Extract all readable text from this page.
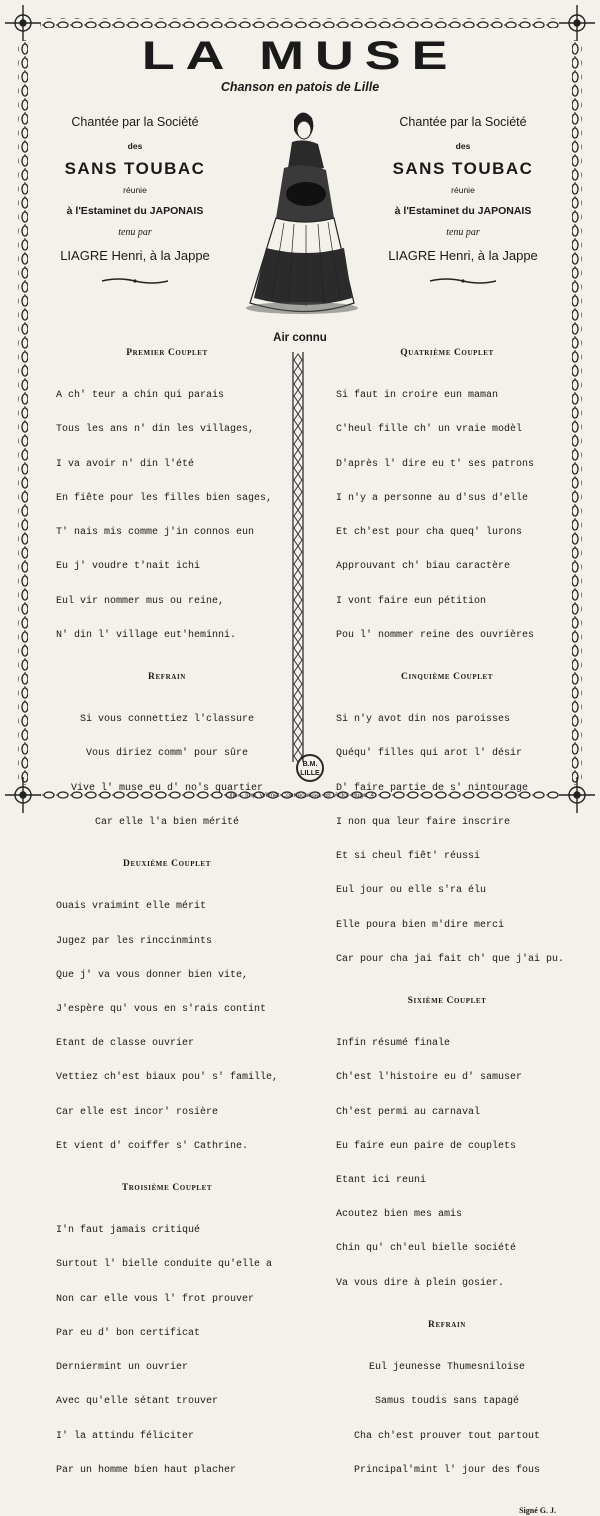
LA MUSE
Chanson en patois de Lille
Chantée par la Société
des
SANS TOUBAC
réunie
à l'Estaminet du JAPONAIS
tenu par
LIAGRE Henri, à la Jappe
Chantée par la Société
des
SANS TOUBAC
réunie
à l'Estaminet du JAPONAIS
tenu par
LIAGRE Henri, à la Jappe
Air connu
Premier Couplet

A ch' teur a chin qui parais

Tous les ans n' din les villages,

I va avoir n' din l'été

En fiête pour les filles bien sages,

T' nais mis comme j'in connos eun

Eu j' voudre t'nait ichi

Eul vir nommer mus ou reine,

N' din l' village eut'heminni.

Refrain

Si vous connettiez l'classure

Vous diriez comm' pour sûre

Vive l' muse eu d' no's quartier

Car elle l'a bien mérité

Deuxième Couplet

Ouais vraimint elle mérit

Jugez par les rinccinmints

Que j' va vous donner bien vite,

J'espère qu' vous en s'rais contint

Etant de classe ouvrier

Vettiez ch'est biaux pou' s' famille,

Car elle est incor' rosière

Et vient d' coiffer s' Cathrine.

Troisième Couplet

I'n faut jamais critiqué

Surtout l' bielle conduite qu'elle a

Non car elle vous l' frot prouver

Par eu d' bon certificat

Derniermint un ouvrier

Avec qu'elle sétant trouver

I' la attindu féliciter

Par un homme bien haut placher

Quatrième Couplet

Si faut in croire eun maman

C'heul fille ch' un vraie modèl

D'après l' dire eu t' ses patrons

I n'y a personne au d'sus d'elle

Et ch'est pour cha queq' lurons

Approuvant ch' biau caractère

I vont faire eun pétition

Pou l' nommer reine des ouvrières

Cinquième Couplet

Si n'y avot din nos paroisses

Quéqu' filles qui arot l' désir

D' faire partie de s' nintourage

I non qua leur faire inscrire

Et si cheul fiêt' réussi

Eul jour ou elle s'ra élu

Elle poura bien m'dire merci

Car pour cha jai fait ch' que j'ai pu.

Sixième Couplet

Infin résumé finale

Ch'est l'histoire eu d' samuser

Ch'est permi au carnaval

Eu faire eun paire de couplets

Etant ici reuni

Acoutez bien mes amis

Chin qu' ch'eul bielle société

Va vous dire à plein gosier.

Refrain

Eul jeunesse Thumesniloise

Samus toudis sans tapagé

Cha ch'est prouver tout partout

Principal'mint l' jour des fous

Signé G. J.
B.M. LILLE
Lille. - Imp. Wilmet-Courteouisse, 58 Victor-Hugo, 4
